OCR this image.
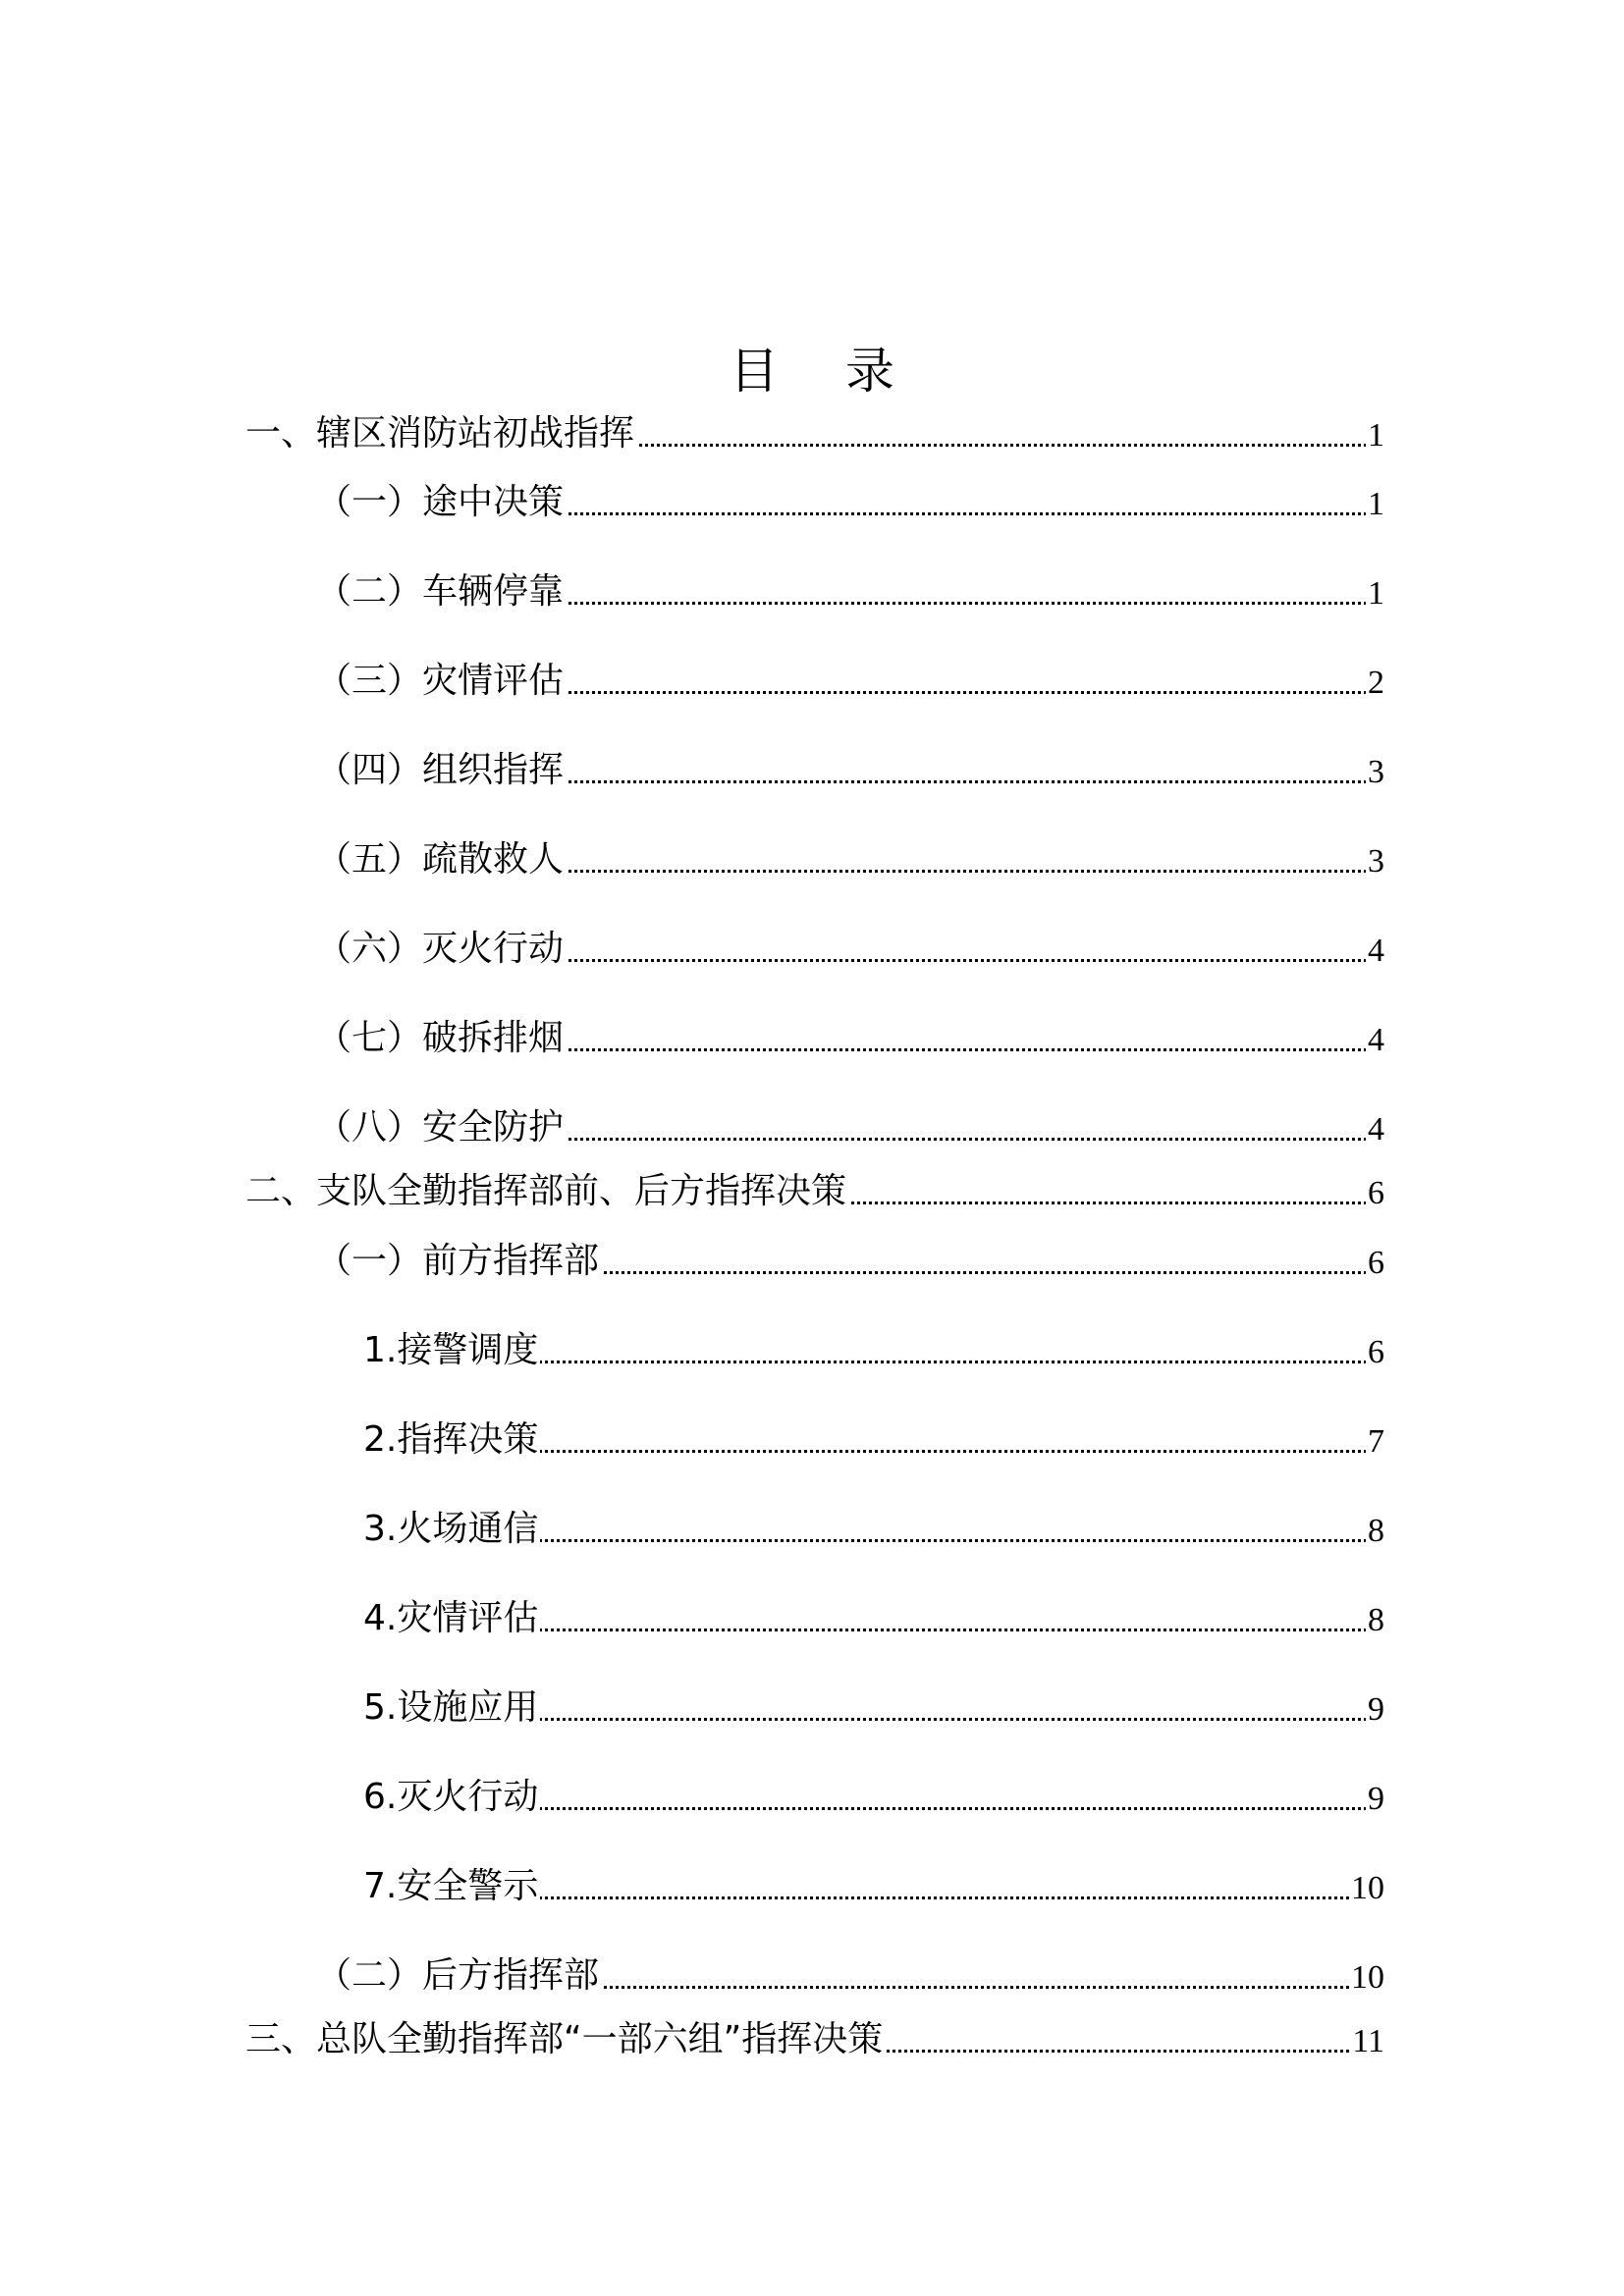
目 录
一、辖区消防站初战指挥	1
（一）途中决策	1
（二）车辆停靠	1
（三）灾情评估	2
（四）组织指挥	3
（五）疏散救人	3
（六）灭火行动	4
（七）破拆排烟	4
（八）安全防护	4
二、支队全勤指挥部前、后方指挥决策	6
（一）前方指挥部	6
1.接警调度	6
2.指挥决策	7
3.火场通信	8
4.灾情评估	8
5.设施应用	9
6.灭火行动	9
7.安全警示	10
（二）后方指挥部	10
三、总队全勤指挥部“一部六组”指挥决策	11
